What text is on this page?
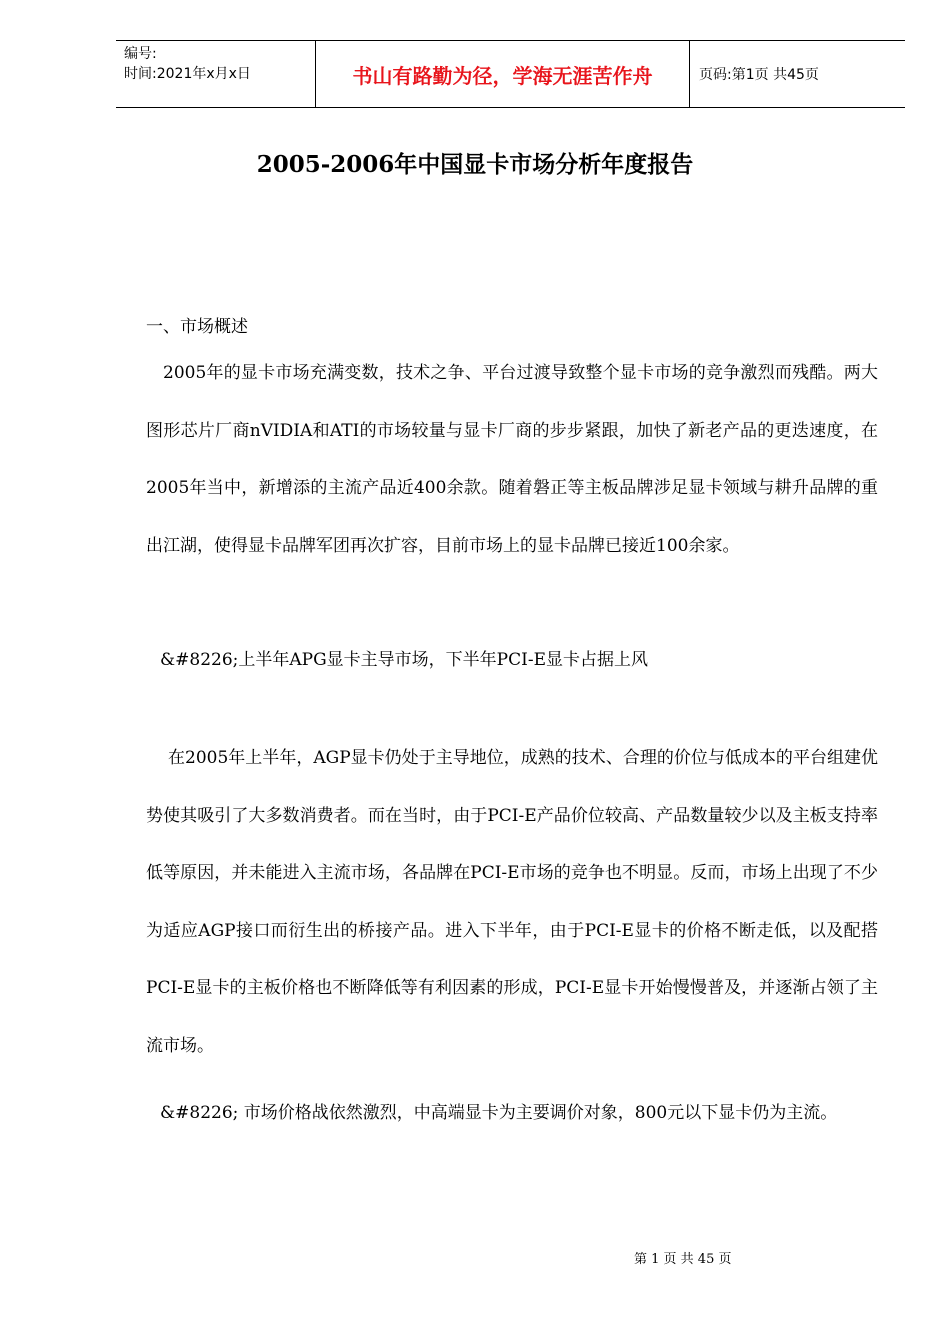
编号:
时间:2021年x月x日	书山有路勤为径，学海无涯苦作舟	页码:第1页 共45页
2005-2006年中国显卡市场分析年度报告
一、市场概述

2005年的显卡市场充满变数，技术之争、平台过渡导致整个显卡市场的竞争激烈而残酷。两大图形芯片厂商nVIDIA和ATI的市场较量与显卡厂商的步步紧跟，加快了新老产品的更迭速度，在2005年当中，新增添的主流产品近400余款。随着磐正等主板品牌涉足显卡领域与耕升品牌的重出江湖，使得显卡品牌军团再次扩容，目前市场上的显卡品牌已接近100余家。

&#8226;上半年APG显卡主导市场，下半年PCI-E显卡占据上风

在2005年上半年，AGP显卡仍处于主导地位，成熟的技术、合理的价位与低成本的平台组建优势使其吸引了大多数消费者。而在当时，由于PCI-E产品价位较高、产品数量较少以及主板支持率低等原因，并未能进入主流市场，各品牌在PCI-E市场的竞争也不明显。反而，市场上出现了不少为适应AGP接口而衍生出的桥接产品。进入下半年，由于PCI-E显卡的价格不断走低，以及配搭PCI-E显卡的主板价格也不断降低等有利因素的形成，PCI-E显卡开始慢慢普及，并逐渐占领了主流市场。

&#8226; 市场价格战依然激烈，中高端显卡为主要调价对象，800元以下显卡仍为主流。
第 1 页 共 45 页
